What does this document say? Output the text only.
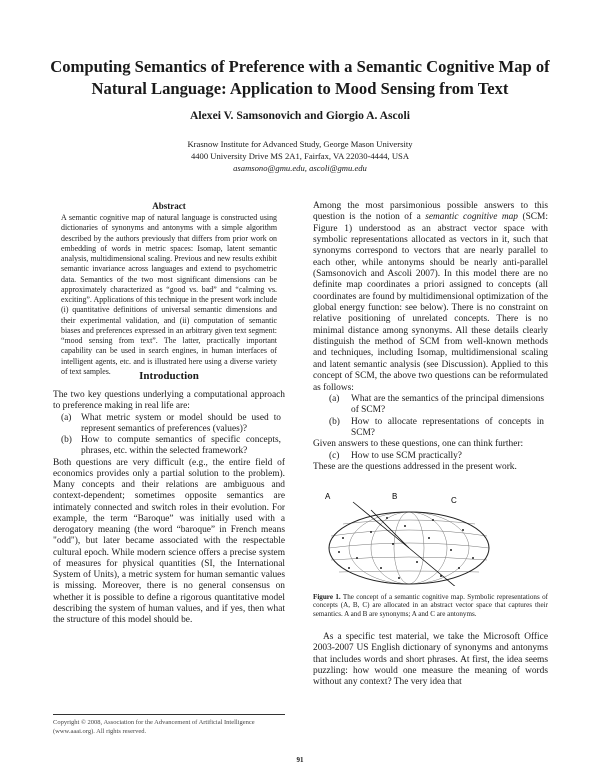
Computing Semantics of Preference with a Semantic Cognitive Map of
Natural Language: Application to Mood Sensing from Text
Alexei V. Samsonovich and Giorgio A. Ascoli
Krasnow Institute for Advanced Study, George Mason University
4400 University Drive MS 2A1, Fairfax, VA 22030-4444, USA
asamsono@gmu.edu, ascoli@gmu.edu
Abstract
A semantic cognitive map of natural language is constructed using dictionaries of synonyms and antonyms with a simple algorithm described by the authors previously that differs from prior work on embedding of words in metric spaces: Isomap, latent semantic analysis, multidimensional scaling. Previous and new results exhibit semantic invariance across languages and extend to psychometric data. Semantics of the two most significant dimensions can be approximately characterized as “good vs. bad” and “calming vs. exciting”. Applications of this technique in the present work include (i) quantitative definitions of universal semantic dimensions and their experimental validation, and (ii) computation of semantic biases and preferences expressed in an arbitrary given text segment: “mood sensing from text”. The latter, practically important capability can be used in search engines, in human interfaces of intelligent agents, etc. and is illustrated here using a diverse variety of text samples.	Introduction
The two key questions underlying a computational approach to preference making in real life are:
(a) What metric system or model should be used to represent semantics of preferences (values)?
(b) How to compute semantics of specific concepts, phrases, etc. within the selected framework?
Both questions are very difficult (e.g., the entire field of economics provides only a partial solution to the problem). Many concepts and their relations are ambiguous and context-dependent; sometimes opposite semantics are intimately connected and switch roles in their evolution. For example, the term “Baroque” was initially used with a derogatory meaning (the word “baroque” in French means "odd"), but later became associated with the respectable cultural epoch. While modern science offers a precise system of measures for physical quantities (SI, the International System of Units), a metric system for human semantic values is missing. Moreover, there is no general consensus on whether it is possible to define a rigorous quantitative model describing the system of human values, and if yes, then what the structure of this model should be.
Copyright © 2008, Association for the Advancement of Artificial Intelligence (www.aaai.org). All rights reserved.
Among the most parsimonious possible answers to this question is the notion of a semantic cognitive map (SCM: Figure 1) understood as an abstract vector space with symbolic representations allocated as vectors in it, such that synonyms correspond to vectors that are nearly parallel to each other, while antonyms should be nearly anti-parallel (Samsonovich and Ascoli 2007). In this model there are no definite map coordinates a priori assigned to concepts (all coordinates are found by multidimensional optimization of the global energy function: see below). There is no constraint on relative positioning of unrelated concepts. There is no minimal distance among synonyms. All these details clearly distinguish the method of SCM from well-known methods and techniques, including Isomap, multidimensional scaling and latent semantic analysis (see Discussion). Applied to this concept of SCM, the above two questions can be reformulated as follows:
(a) What are the semantics of the principal dimensions of SCM?
(b) How to allocate representations of concepts in SCM?
Given answers to these questions, one can think further:
(c) How to use SCM practically?
These are the questions addressed in the present work.
A	B	C
Figure 1. The concept of a semantic cognitive map. Symbolic representations of concepts (A, B, C) are allocated in an abstract vector space that captures their semantics. A and B are synonyms; A and C are antonyms.
As a specific test material, we take the Microsoft Office 2003-2007 US English dictionary of synonyms and antonyms that includes words and short phrases. At first, the idea seems puzzling: how would one measure the meaning of words without any context? The very idea that
91
